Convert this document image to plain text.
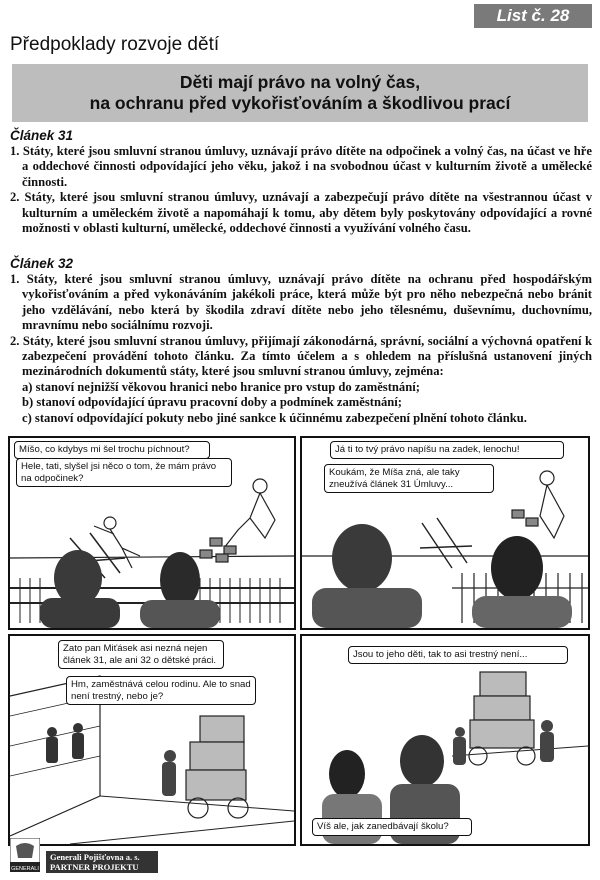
List č. 28
Předpoklady rozvoje dětí
Děti mají právo na volný čas,
na ochranu před vykořisťováním a škodlivou prací
Článek 31
1. Státy, které jsou smluvní stranou úmluvy, uznávají právo dítěte na odpočinek a volný čas, na účast ve hře a oddechové činnosti odpovídající jeho věku, jakož i na svobodnou účast v kulturním životě a umělecké činnosti.
2. Státy, které jsou smluvní stranou úmluvy, uznávají a zabezpečují právo dítěte na všestrannou účast v kulturním a uměleckém životě a napomáhají k tomu, aby dětem byly poskytovány odpovídající a rovné možnosti v oblasti kulturní, umělecké, oddechové činnosti a využívání volného času.
Článek 32
1. Státy, které jsou smluvní stranou úmluvy, uznávají právo dítěte na ochranu před hospodářským vykořisťováním a před vykonáváním jakékoli práce, která může být pro něho nebezpečná nebo bránit jeho vzdělávání, nebo která by škodila zdraví dítěte nebo jeho tělesnému, duševnímu, duchovnímu, mravnímu nebo sociálnímu rozvoji.
2. Státy, které jsou smluvní stranou úmluvy, přijímají zákonodárná, správní, sociální a výchovná opatření k zabezpečení provádění tohoto článku. Za tímto účelem a s ohledem na příslušná ustanovení jiných mezinárodních dokumentů státy, které jsou smluvní stranou úmluvy, zejména:
a) stanoví nejnižší věkovou hranici nebo hranice pro vstup do zaměstnání;
b) stanoví odpovídající úpravu pracovní doby a podmínek zaměstnání;
c) stanoví odpovídající pokuty nebo jiné sankce k účinnému zabezpečení plnění tohoto článku.
Míšo, co kdybys mi šel trochu píchnout?
Hele, tati, slyšel jsi něco o tom, že mám právo na odpočinek?
Já ti to tvý právo napíšu na zadek, lenochu!
Koukám, že Míša zná, ale taky zneužívá článek 31 Úmluvy...
Zato pan Miťásek asi nezná nejen článek 31, ale ani 32 o dětské práci.
Hm, zaměstnává celou rodinu. Ale to snad není trestný, nebo je?
Jsou to jeho děti, tak to asi trestný není...
Víš ale, jak zanedbávají školu?
GENERALI
Generali Pojišťovna a. s.
PARTNER PROJEKTU
